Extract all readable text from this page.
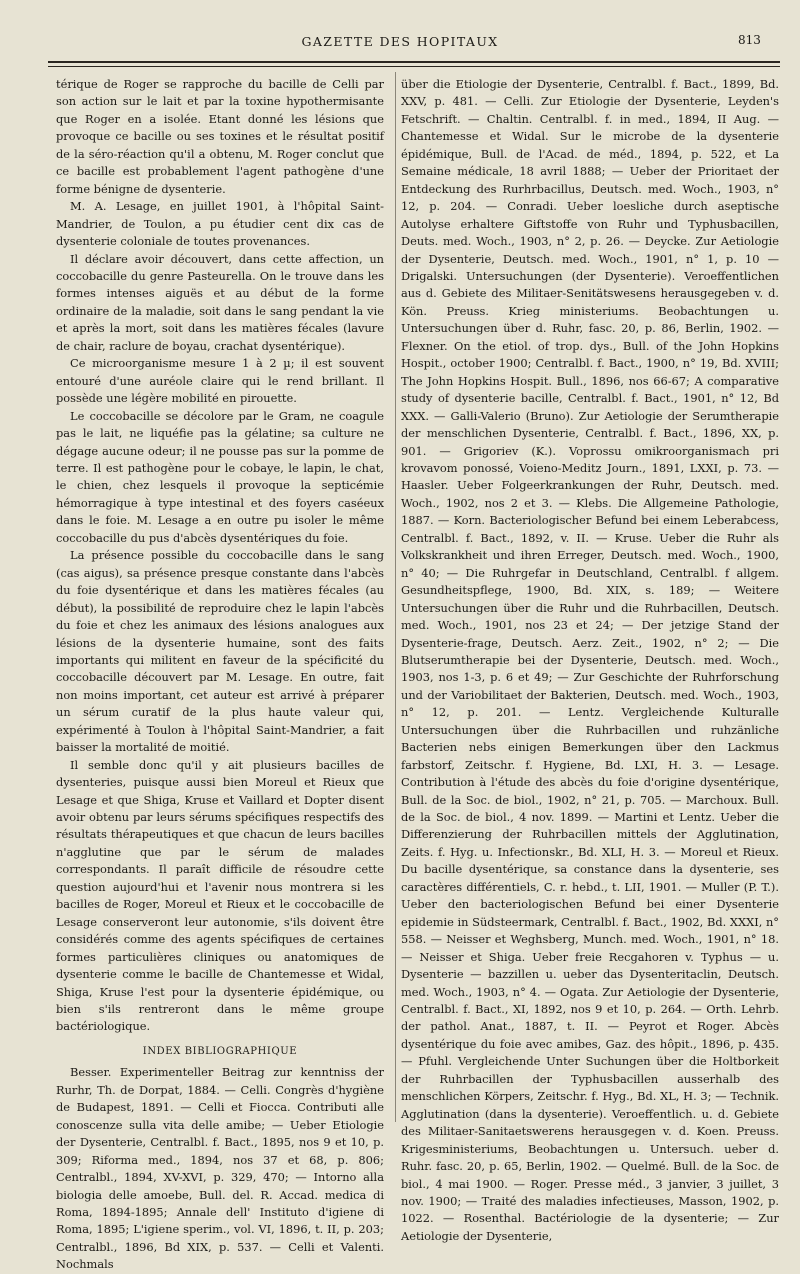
GAZETTE DES HOPITAUX	813

térique de Roger se rapproche du bacille de Celli par son action sur le lait et par la toxine hypothermisante que Roger en a isolée. Etant donné les lésions que provoque ce bacille ou ses toxines et le résultat positif de la séro-réaction qu'il a obtenu, M. Roger conclut que ce bacille est probablement l'agent pathogène d'une forme bénigne de dysenterie.

M. A. Lesage, en juillet 1901, à l'hôpital Saint-Mandrier, de Toulon, a pu étudier cent dix cas de dysenterie coloniale de toutes provenances.

Il déclare avoir découvert, dans cette affection, un coccobacille du genre Pasteurella. On le trouve dans les formes intenses aiguës et au début de la forme ordinaire de la maladie, soit dans le sang pendant la vie et après la mort, soit dans les matières fécales (lavure de chair, raclure de boyau, crachat dysentérique).

Ce microorganisme mesure 1 à 2 µ; il est souvent entouré d'une auréole claire qui le rend brillant. Il possède une légère mobilité en pirouette.

Le coccobacille se décolore par le Gram, ne coagule pas le lait, ne liquéfie pas la gélatine; sa culture ne dégage aucune odeur; il ne pousse pas sur la pomme de terre. Il est pathogène pour le cobaye, le lapin, le chat, le chien, chez lesquels il provoque la septicémie hémorragique à type intestinal et des foyers caséeux dans le foie. M. Lesage a en outre pu isoler le même coccobacille du pus d'abcès dysentériques du foie.

La présence possible du coccobacille dans le sang (cas aigus), sa présence presque constante dans l'abcès du foie dysentérique et dans les matières fécales (au début), la possibilité de reproduire chez le lapin l'abcès du foie et chez les animaux des lésions analogues aux lésions de la dysenterie humaine, sont des faits importants qui militent en faveur de la spécificité du coccobacille découvert par M. Lesage. En outre, fait non moins important, cet auteur est arrivé à préparer un sérum curatif de la plus haute valeur qui, expérimenté à Toulon à l'hôpital Saint-Mandrier, a fait baisser la mortalité de moitié.

Il semble donc qu'il y ait plusieurs bacilles de dysenteries, puisque aussi bien Moreul et Rieux que Lesage et que Shiga, Kruse et Vaillard et Dopter disent avoir obtenu par leurs sérums spécifiques respectifs des résultats thérapeutiques et que chacun de leurs bacilles n'agglutine que par le sérum de malades correspondants. Il paraît difficile de résoudre cette question aujourd'hui et l'avenir nous montrera si les bacilles de Roger, Moreul et Rieux et le coccobacille de Lesage conserveront leur autonomie, s'ils doivent être considérés comme des agents spécifiques de certaines formes particulières cliniques ou anatomiques de dysenterie comme le bacille de Chantemesse et Widal, Shiga, Kruse l'est pour la dysenterie épidémique, ou bien s'ils rentreront dans le même groupe bactériologique.

INDEX BIBLIOGRAPHIQUE

Besser. Experimenteller Beitrag zur kenntniss der Rurhr, Th. de Dorpat, 1884. — Celli. Congrès d'hygiène de Budapest, 1891. — Celli et Fiocca. Contributi alle conoscenze sulla vita delle amibe; — Ueber Etiologie der Dysenterie, Centralbl. f. Bact., 1895, nos 9 et 10, p. 309; Riforma med., 1894, nos 37 et 68, p. 806; Centralbl., 1894, XV-XVI, p. 329, 470; — Intorno alla biologia delle amoebe, Bull. del. R. Accad. medica di Roma, 1894-1895; Annale dell' Instituto d'igiene di Roma, 1895; L'igiene sperim., vol. VI, 1896, t. II, p. 203; Centralbl., 1896, Bd XIX, p. 537. — Celli et Valenti. Nochmals

über die Etiologie der Dysenterie, Centralbl. f. Bact., 1899, Bd. XXV, p. 481. — Celli. Zur Etiologie der Dysenterie, Leyden's Fetschrift. — Chaltin. Centralbl. f. in med., 1894, II Aug. — Chantemesse et Widal. Sur le microbe de la dysenterie épidémique, Bull. de l'Acad. de méd., 1894, p. 522, et La Semaine médicale, 18 avril 1888; — Ueber der Prioritaet der Entdeckung des Rurhrbacillus, Deutsch. med. Woch., 1903, n° 12, p. 204. — Conradi. Ueber loesliche durch aseptische Autolyse erhaltere Giftstoffe von Ruhr und Typhusbacillen, Deuts. med. Woch., 1903, n° 2, p. 26. — Deycke. Zur Aetiologie der Dysenterie, Deutsch. med. Woch., 1901, n° 1, p. 10 — Drigalski. Untersuchungen (der Dysenterie). Veroeffentlichen aus d. Gebiete des Militaer-Senitätswesens herausgegeben v. d. Kön. Preuss. Krieg ministeriums. Beobachtungen u. Untersuchungen über d. Ruhr, fasc. 20, p. 86, Berlin, 1902. — Flexner. On the etiol. of trop. dys., Bull. of the John Hopkins Hospit., october 1900; Centralbl. f. Bact., 1900, n° 19, Bd. XVIII; The John Hopkins Hospit. Bull., 1896, nos 66-67; A comparative study of dysenterie bacille, Centralbl. f. Bact., 1901, n° 12, Bd XXX. — Galli-Valerio (Bruno). Zur Aetiologie der Serumtherapie der menschlichen Dysenterie, Centralbl. f. Bact., 1896, XX, p. 901. — Grigoriev (K.). Voprossu omikroorganismach pri krovavom ponossé, Voieno-Meditz Journ., 1891, LXXI, p. 73. — Haasler. Ueber Folgeerkrankungen der Ruhr, Deutsch. med. Woch., 1902, nos 2 et 3. — Klebs. Die Allgemeine Pathologie, 1887. — Korn. Bacteriologischer Befund bei einem Leberabcess, Centralbl. f. Bact., 1892, v. II. — Kruse. Ueber die Ruhr als Volkskrankheit und ihren Erreger, Deutsch. med. Woch., 1900, n° 40; — Die Ruhrgefar in Deutschland, Centralbl. f allgem. Gesundheitspflege, 1900, Bd. XIX, s. 189; — Weitere Untersuchungen über die Ruhr und die Ruhrbacillen, Deutsch. med. Woch., 1901, nos 23 et 24; — Der jetzige Stand der Dysenterie-frage, Deutsch. Aerz. Zeit., 1902, n° 2; — Die Blutserumtherapie bei der Dysenterie, Deutsch. med. Woch., 1903, nos 1-3, p. 6 et 49; — Zur Geschichte der Ruhrforschung und der Variobilitaet der Bakterien, Deutsch. med. Woch., 1903, n° 12, p. 201. — Lentz. Vergleichende Kulturalle Untersuchungen über die Ruhrbacillen und ruhzänliche Bacterien nebs einigen Bemerkungen über den Lackmus farbstorf, Zeitschr. f. Hygiene, Bd. LXI, H. 3. — Lesage. Contribution à l'étude des abcès du foie d'origine dysentérique, Bull. de la Soc. de biol., 1902, n° 21, p. 705. — Marchoux. Bull. de la Soc. de biol., 4 nov. 1899. — Martini et Lentz. Ueber die Differenzierung der Ruhrbacillen mittels der Agglutination, Zeits. f. Hyg. u. Infectionskr., Bd. XLI, H. 3. — Moreul et Rieux. Du bacille dysentérique, sa constance dans la dysenterie, ses caractères différentiels, C. r. hebd., t. LII, 1901. — Muller (P. T.). Ueber den bacteriologischen Befund bei einer Dysenterie epidemie in Südsteermark, Centralbl. f. Bact., 1902, Bd. XXXI, n° 558. — Neisser et Weghsberg, Munch. med. Woch., 1901, n° 18. — Neisser et Shiga. Ueber freie Recgahoren v. Typhus — u. Dysenterie — bazzillen u. ueber das Dysenteritaclin, Deutsch. med. Woch., 1903, n° 4. — Ogata. Zur Aetiologie der Dysenterie, Centralbl. f. Bact., XI, 1892, nos 9 et 10, p. 264. — Orth. Lehrb. der pathol. Anat., 1887, t. II. — Peyrot et Roger. Abcès dysentérique du foie avec amibes, Gaz. des hôpit., 1896, p. 435. — Pfuhl. Vergleichende Unter Suchungen über die Holtborkeit der Ruhrbacillen der Typhusbacillen ausserhalb des menschlichen Körpers, Zeitschr. f. Hyg., Bd. XL, H. 3; — Technik. Agglutination (dans la dysenterie). Veroeffentlich. u. d. Gebiete des Militaer-Sanitaetswerens herausgegen v. d. Koen. Preuss. Krigesministeriums, Beobachtungen u. Untersuch. ueber d. Ruhr. fasc. 20, p. 65, Berlin, 1902. — Quelmé. Bull. de la Soc. de biol., 4 mai 1900. — Roger. Presse méd., 3 janvier, 3 juillet, 3 nov. 1900; — Traité des maladies infectieuses, Masson, 1902, p. 1022. — Rosenthal. Bactériologie de la dysenterie; — Zur Aetiologie der Dysenterie,
